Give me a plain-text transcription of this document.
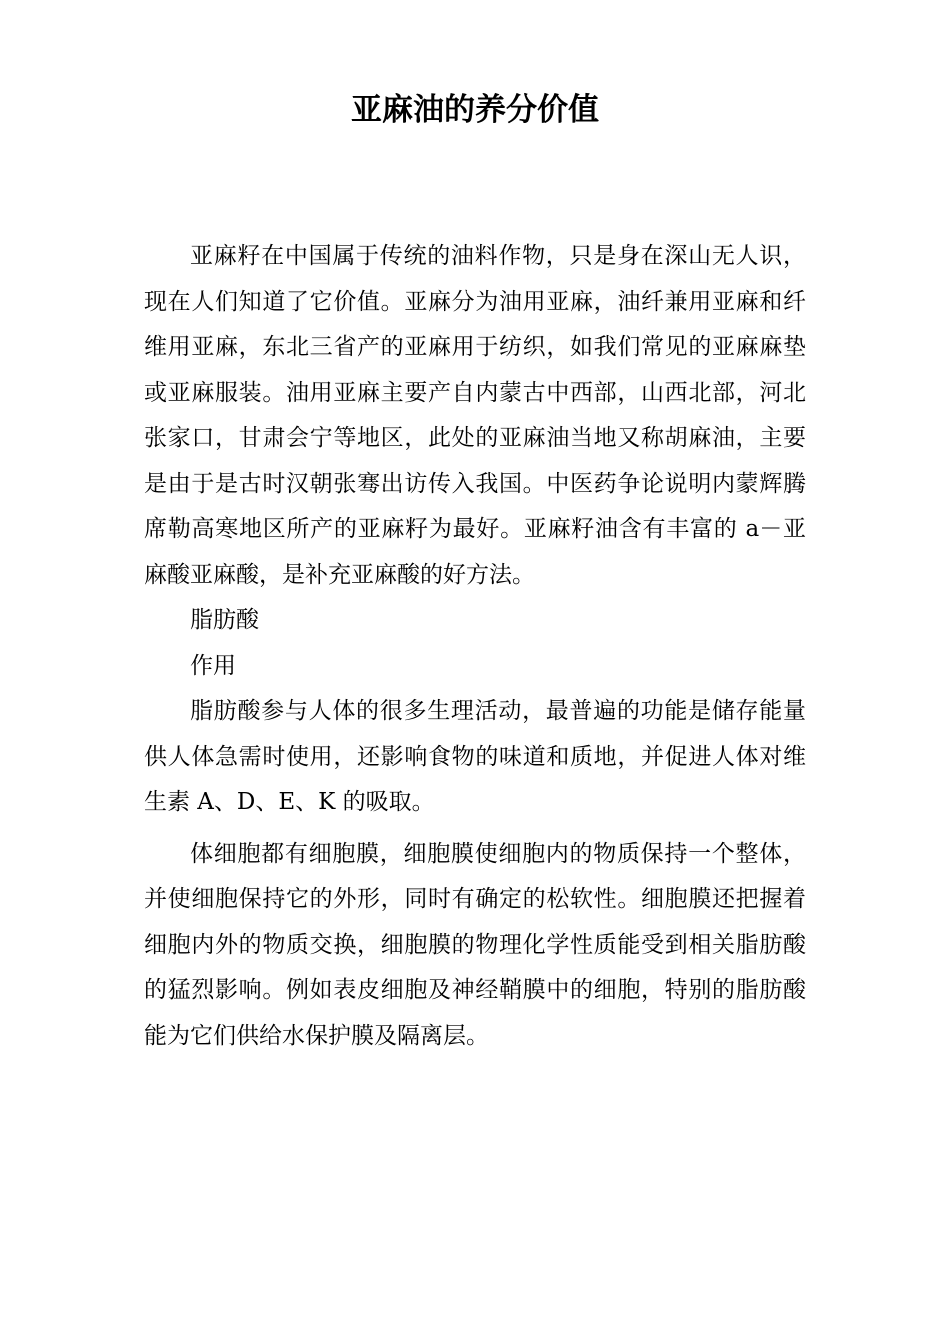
亚麻油的养分价值

亚麻籽在中国属于传统的油料作物，只是身在深山无人识，现在人们知道了它价值。亚麻分为油用亚麻，油纤兼用亚麻和纤维用亚麻，东北三省产的亚麻用于纺织，如我们常见的亚麻麻垫或亚麻服装。油用亚麻主要产自内蒙古中西部，山西北部，河北张家口，甘肃会宁等地区，此处的亚麻油当地又称胡麻油，主要是由于是古时汉朝张骞出访传入我国。中医药争论说明内蒙辉腾席勒高寒地区所产的亚麻籽为最好。亚麻籽油含有丰富的 a－亚麻酸亚麻酸，是补充亚麻酸的好方法。

脂肪酸

作用

脂肪酸参与人体的很多生理活动，最普遍的功能是储存能量供人体急需时使用，还影响食物的味道和质地，并促进人体对维生素 A、D、E、K 的吸取。

体细胞都有细胞膜，细胞膜使细胞内的物质保持一个整体，并使细胞保持它的外形，同时有确定的松软性。细胞膜还把握着细胞内外的物质交换，细胞膜的物理化学性质能受到相关脂肪酸的猛烈影响。例如表皮细胞及神经鞘膜中的细胞，特别的脂肪酸能为它们供给水保护膜及隔离层。
